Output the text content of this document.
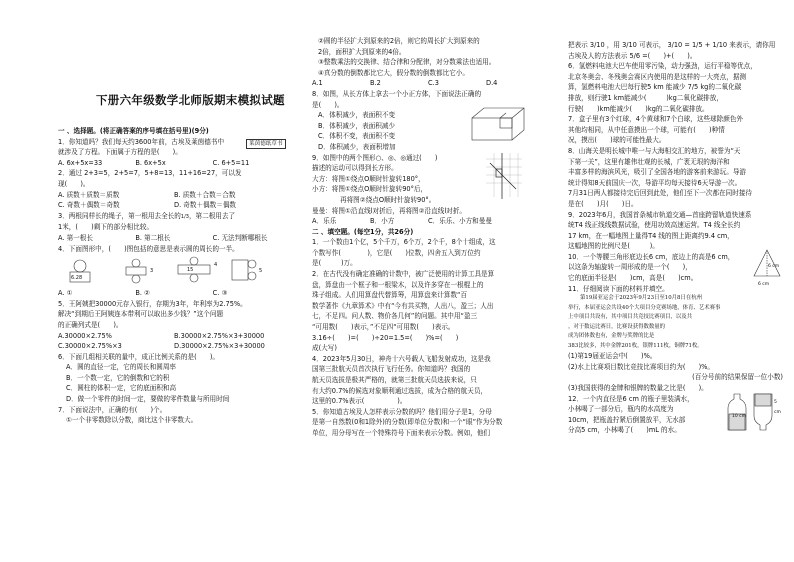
下册六年级数学北师版期末模拟试题
一 、选择题。(将正确答案的序号填在括号里)(9分)
1．你知道吗？我们每天约3600年前，古埃及莱茵德书中
就涉及了方程。下面属于方程的是(　　)。
莱茵德纸草书
A. 6x+5x=33	B. 6x+5x	C. 6+5=11
2．通过 2+3=5，2+5=7，5+8=13，11+16=27，可以发
现(　　)。
A. 质数＋质数＝质数	B. 质数＋合数＝合数
C. 奇数＋偶数＝奇数	D. 奇数＋偶数＝偶数
3．两根同样长的绳子，第一根用去全长的1/3，第二根用去了
1米，(　　)剩下的部分相比较。
A. 第一根长	B. 第二根长	C. 无法判断哪根长
4．下面图形中，(　　)图包括的意思是表示圆的周长的一半。
6.28
3
4
15	5
A. ①	B. ②	C. ③
5．王阿姨把30000元存入银行，存期为3年，年利率为2.75%。
解决“到期后王阿姨连本带利可以取出多少钱？”这个问题
的正确列式是(　　)。
A.30000×2.75%	B.30000×2.75%×3+30000
C.30000×2.75%×3	D.30000×2.75%×3+30000
6．下面几组相关联的量中，成正比例关系的是(　　)。
A．圆的直径一定，它的周长和圆周率
B．一个数一定，它的倒数和它的积
C．圆柱的体积一定，它的底面积和高
D．做一个零件的时间一定，要做的零件数量与所用时间
7．下面说法中，正确的有(　　)个。
①一个非零数除以分数，商比这个非零数大。
②圆的半径扩大到原来的2倍，则它的周长扩大到原来的
2倍，面积扩大到原来的4倍。
③整数乘法的交换律、结合律和分配律，对分数乘法也适用。
④真分数的倒数都比它大，假分数的倒数都比它小。
A.1	B.2	C.3	D.4
8．如图，从长方体上拿去一个小正方体，下面说法正确的
是(　　)。
A．体积减少，表面积不变
B．体积减少，表面积减少
C．体积不变，表面积不变
D．体积减少，表面积增加
9．如图中的两个图形○、◎、◎通过(　　)
描述的运动可以得到长方形。
大方：将图①绕点O顺时针旋转180°，
小方：将图①绕点O顺时针旋转90°后，
再将图②绕点O顺时针旋转90°。
曼曼：将图①沿直线l对折后，再将图②沿直线l对折。
A．乐乐	B．小方	C．乐乐、小方和曼曼
二 、填空题。(每空1分，共26分)
1．一个数由1个亿，5个千万，6个万，2个千，8个十组成，这
个数写作(　　　　)，它是(　　)位数，四舍五入到万位约
是(　　　)万。
2．在古代没有确定准确的计数中，被广泛使用的计算工具是算
盘，算盘由一个框子和一根梁木，以及许多穿在一根棍上的
珠子组成。人们用算盘代替算筹，用算盘来计算数“百
数学著作《九章算术》中有“今有共买物，人出八，盈三；人出
七，不足四。问人数、物价各几何”的问题。其中用“盈三
“可用数(　　)表示，”不足四“可用数(　　)表示。
3.16÷(　　)=(　　)÷20=1.5=(　　)%=(　　)
成(大写)
4．2023年5月30日，神舟十六号载人飞船发射成功，这是我
国第三批航天员首次执行飞行任务。你知道吗？我国的
航天员选拔是极其严格的，就第三批航天员选拔来说，只
有大约0.7%的候选对象顺利通过选拔，成为合格的航天员，
这里的0.7%表示(　　　　　)。
5．你知道古埃及人怎样表示分数的吗？他们用分子是1，分母
是第一自然数(0和1除外)的分数(即单位分数)和一个“眼”作为分数
单位，用分母写在一个特殊符号下面来表示分数。例如，他们
把表示 3/10 ，用 3/10 可表示， 3/10 = 1/5 + 1/10 来表示，请你用
古埃及人的方法表示 5/6 =(　　)+(　　)。
6．氢燃料电池大巴车使用零污染，动力强劲，运行平稳等优点，
北京冬奥会、冬残奥会赛区内使用的是这样的一大亮点，据测
算，氢燃料电池大巴每行驶5 km 能减少 7/5 kg的二氧化碳
排放，则行驶1 km能减少(　　　)kg二氧化碳排放，
行驶(　　)km能减少(　　)kg的二氧化碳排放。
7．盒子里有3个红球，4个黄球和7个白球，这些球除颜色外
其他均相同，从中任意摸出一个球，可能有(　　)种情
况，摸出(　　)球的可能性最大。
8．山海关是明长城中唯一与大海相交汇的地方，被誉为“天
下第一关”，这里有雄伟壮观的长城，广袤无垠的海洋和
丰富多样的海滨风光，吸引了全国各地的游客前来游玩。导游
统计得知8天前国庆一次，导游平均每天接待6天导游一次。
7月31日两人都接待完后回到此处，他们至下一次都在同时接待
是在(　　)月(　　)日。
9．2023年6月，我国首条城市轨道交通—首座跨留轨道快速系
统T4 线正线线数据试验，使用功效高速运营。T4 线全长约
17 km，在一幅地图上量得T4 线的图上距离约9.4 cm，
这幅地图的比例尺是(　　　)。
10．一个等腰三角形底边长6 cm，底边上的高是6 cm，
以这条为轴旋转一周形成的是一个(　　)，
它的底面半径是(　　)cm，高是(　　)cm。
6 cm
6 cm
11．仔细阅读下面的材料并填空。
第19届亚运会于2023年9月23日至10月8日在杭州
举行，本届亚运会共设40个大项目分竞赛场地，体育、艺术赛事
上中项目共设有，其中项目共竞技比赛项目，以及共
。对于数运比赛日，比赛设获得数数量的
成为团体数也有，金牌与奖牌的比是
383比较多，其中金牌201枚，银牌111枚，铜牌71枚。
(1)第19届亚运会中(　　)%。
(2)水上比赛项目数比竞技比赛项目约为(　　)%。
(百分号前的结果保留一位小数)
(3)我国获得的金牌和银牌的数量之比是(　　)。
12．一个内直径是6 cm 的瓶子里装满水，
小林喝了一部分后，瓶内的水高度为
10cm，把瓶盖拧紧后倒置放平，无水部
分高5 cm，小林喝了(　　)mL 的水。
10 cm
5 cm
